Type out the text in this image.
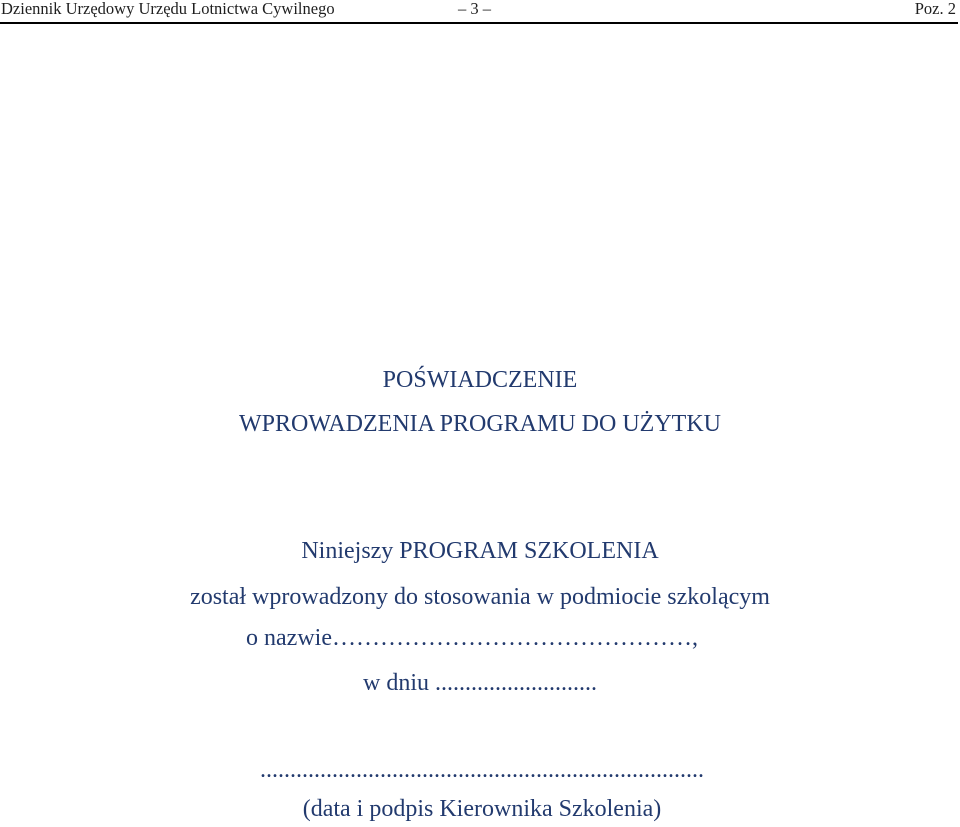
Dziennik Urzędowy Urzędu Lotnictwa Cywilnego	– 3 –	Poz. 2
POŚWIADCZENIE
WPROWADZENIA PROGRAMU DO UŻYTKU
Niniejszy PROGRAM SZKOLENIA
został wprowadzony do stosowania w podmiocie szkolącym
o nazwie………………………………………,
w dniu ...........................
..........................................................................
(data i podpis Kierownika Szkolenia)
